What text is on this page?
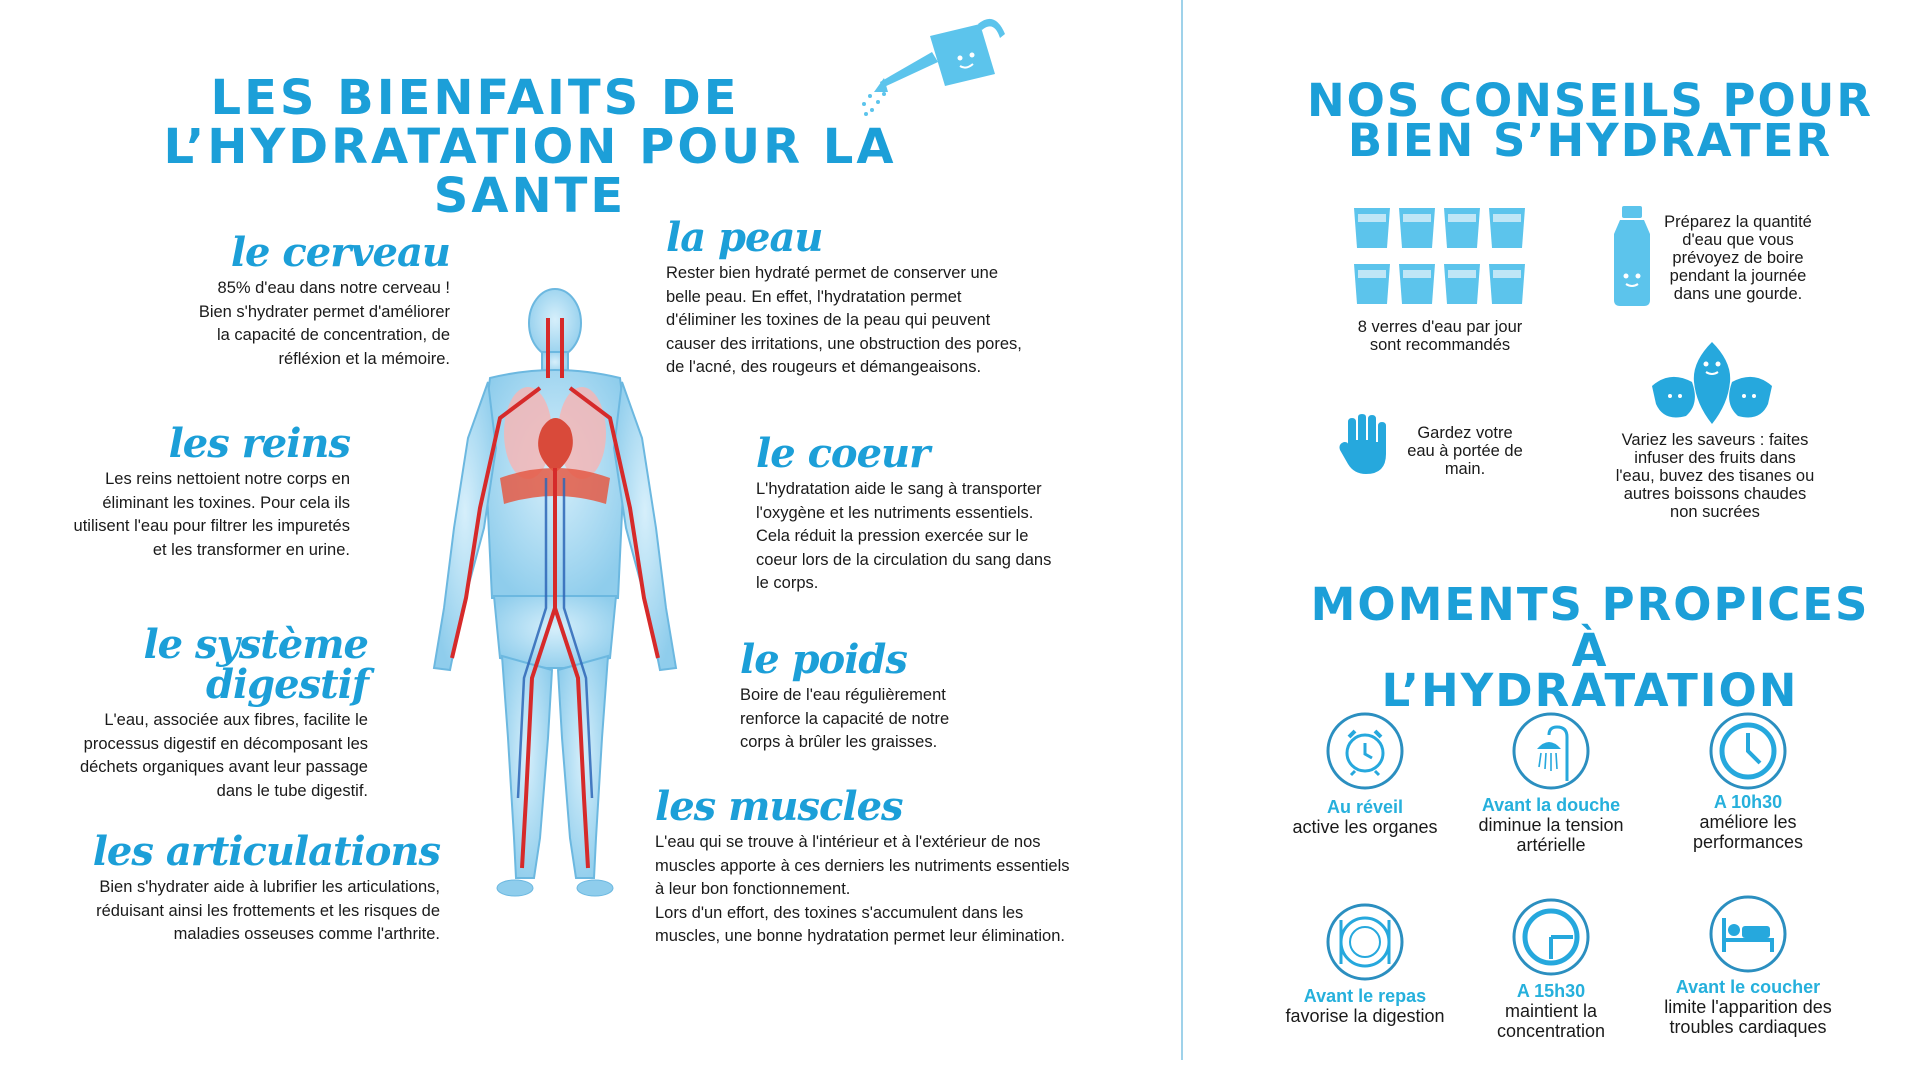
LES BIENFAITS DE
L’HYDRATATION POUR LA SANTE
le cerveau
85% d'eau dans notre cerveau !
Bien s'hydrater permet d'améliorer
la capacité de concentration, de
réfléxion et la mémoire.
les reins
Les reins nettoient notre corps en
éliminant les toxines. Pour cela ils
utilisent l'eau pour filtrer les impuretés
et les transformer en urine.
le système digestif
L'eau, associée aux fibres, facilite le
processus digestif en décomposant les
déchets organiques avant leur passage
dans le tube digestif.
les articulations
Bien s'hydrater aide à lubrifier les articulations,
réduisant ainsi les frottements et les risques de
maladies osseuses comme l'arthrite.
la peau
Rester bien hydraté permet de conserver une
belle peau. En effet, l'hydratation permet
d'éliminer les toxines de la peau qui peuvent
causer des irritations, une obstruction des pores,
de l'acné, des rougeurs et démangeaisons.
le coeur
L'hydratation aide le sang à transporter
l'oxygène et les nutriments essentiels.
Cela réduit la pression exercée sur le
coeur lors de la circulation du sang dans
le corps.
le poids
Boire de l'eau régulièrement
renforce la capacité de notre
corps à brûler les graisses.
les muscles
L'eau qui se trouve à l'intérieur et à l'extérieur de nos
muscles apporte à ces derniers les nutriments essentiels
à leur bon fonctionnement.
Lors d'un effort, des toxines s'accumulent dans les
muscles, une bonne hydratation permet leur élimination.
NOS CONSEILS POUR
BIEN S’HYDRATER
8 verres d'eau par jour
sont recommandés
Préparez la quantité
d'eau que vous
prévoyez de boire
pendant la journée
dans une gourde.
Gardez votre
eau à portée de
main.
Variez les saveurs : faites
infuser des fruits dans
l'eau, buvez des tisanes ou
autres boissons chaudes
non sucrées
MOMENTS PROPICES À
L’HYDRATATION
Au réveil
active les organes
Avant la douche
diminue la tension
artérielle
A 10h30
améliore les
performances
Avant le repas
favorise la digestion
A 15h30
maintient la
concentration
Avant le coucher
limite l'apparition des
troubles cardiaques
